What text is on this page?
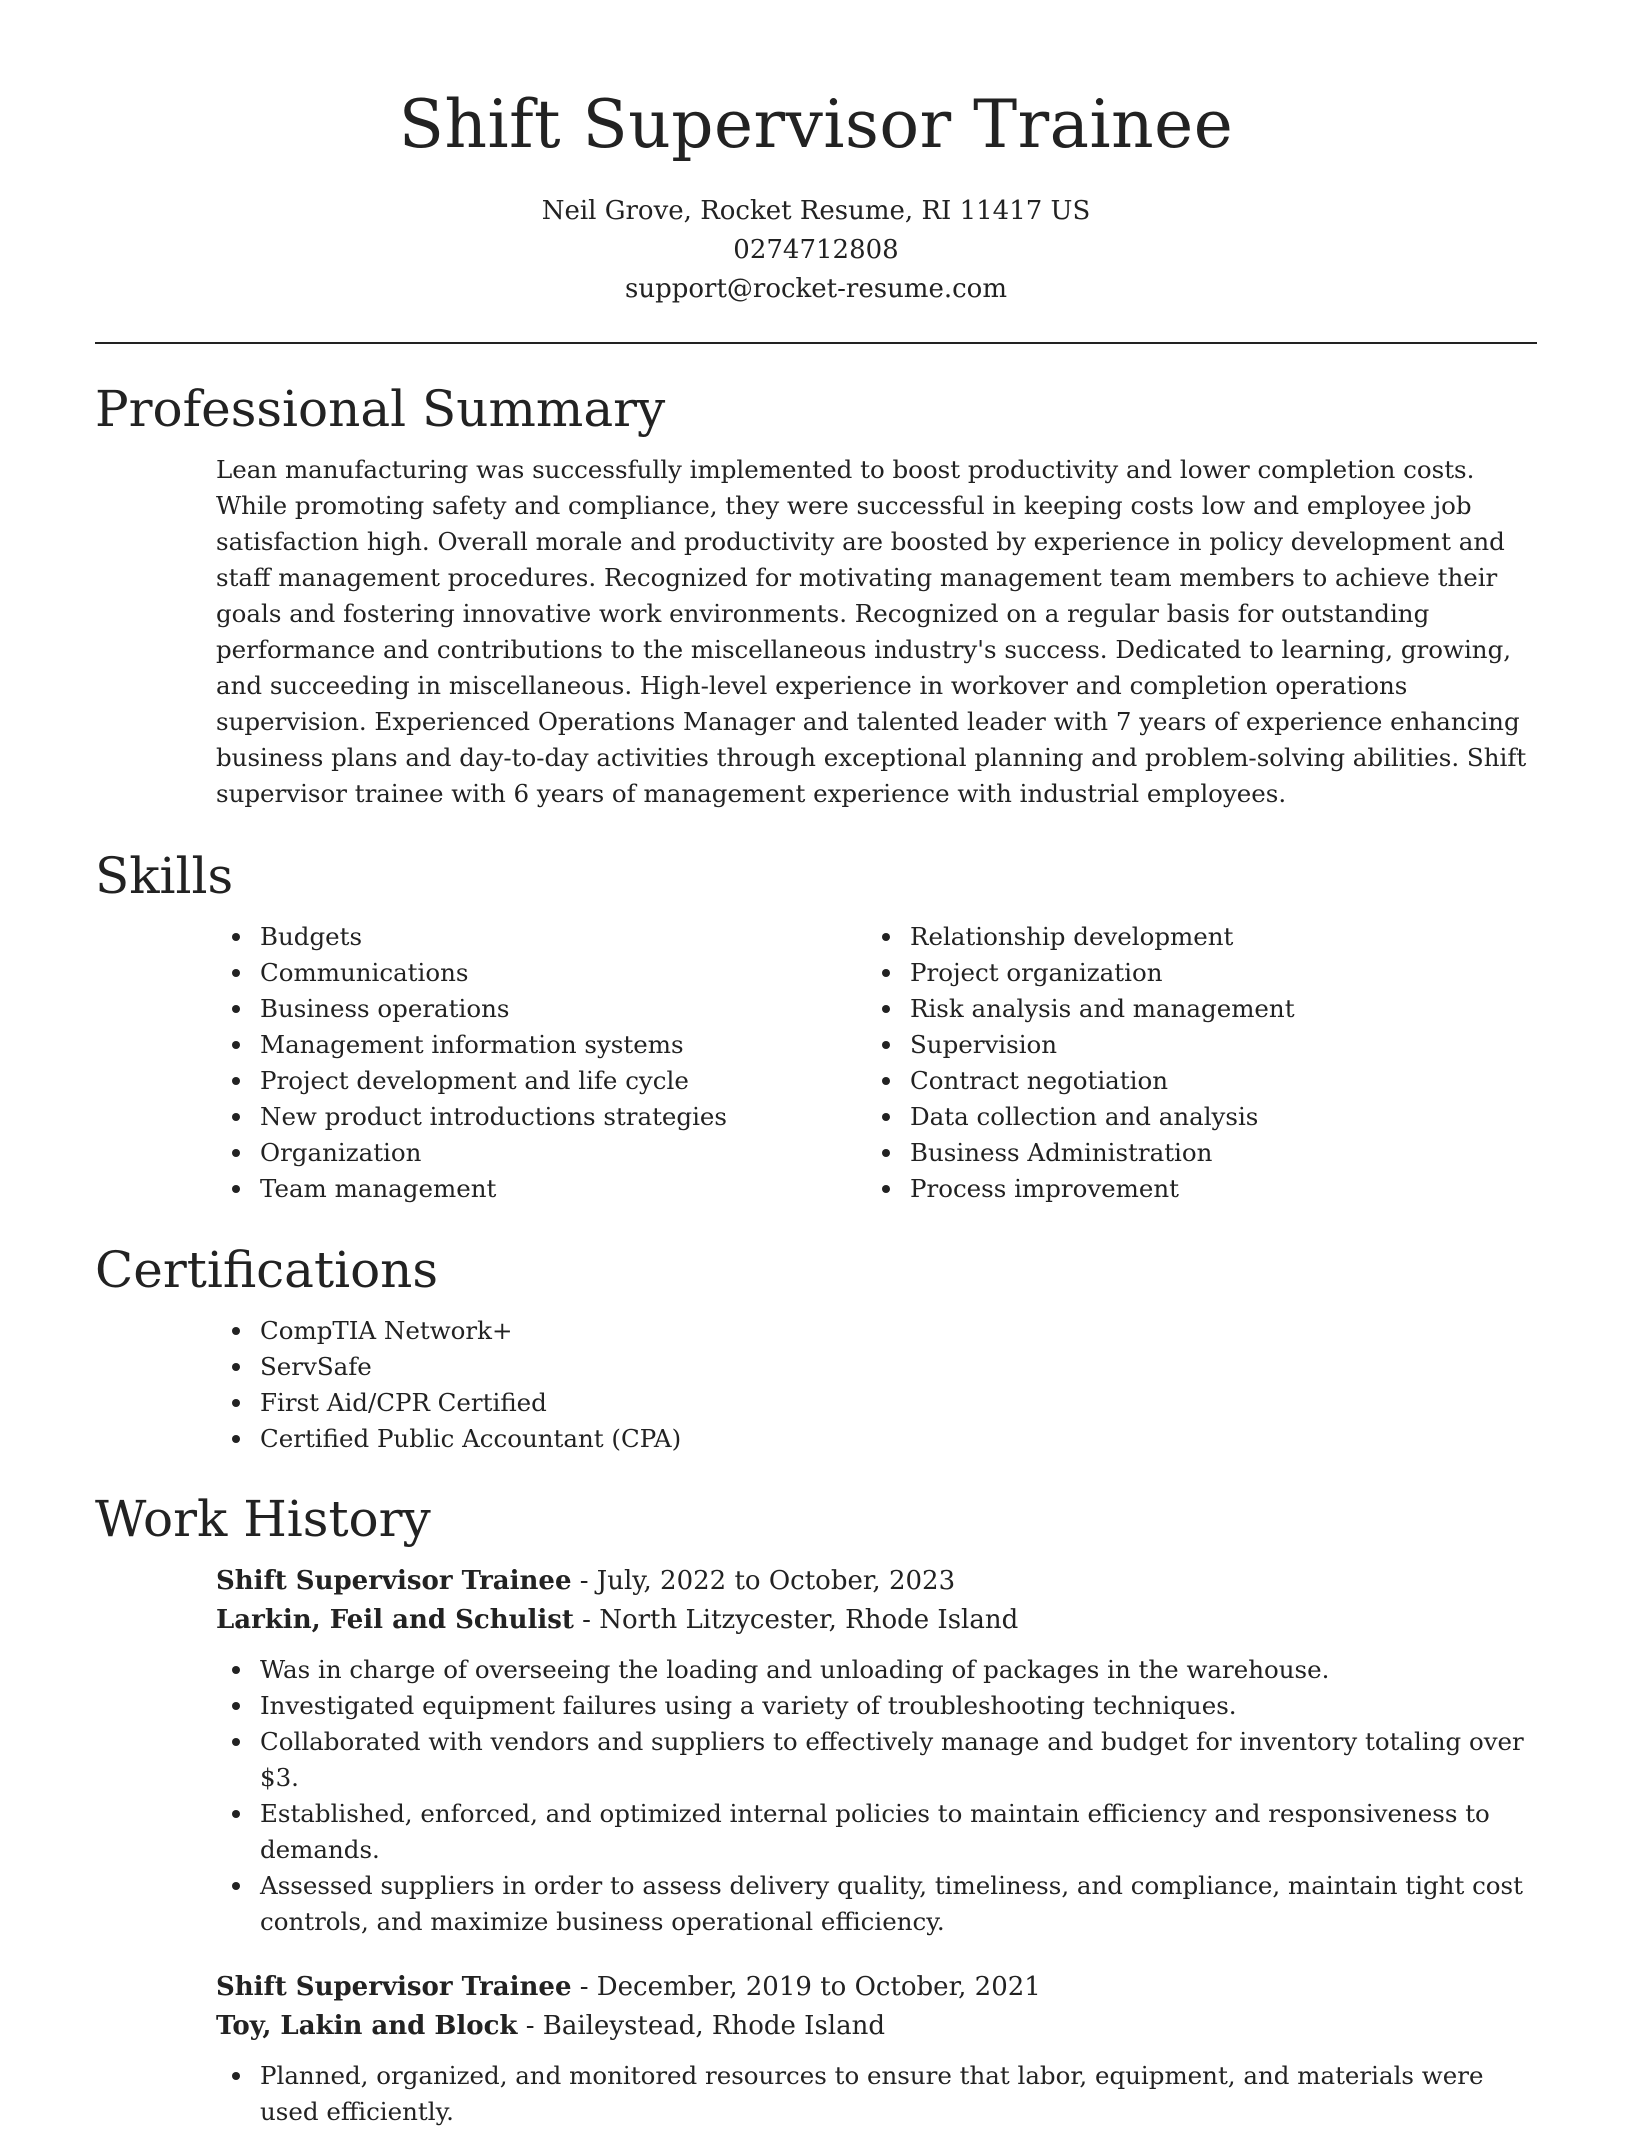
Shift Supervisor Trainee
Neil Grove, Rocket Resume, RI 11417 US
0274712808
support@rocket-resume.com
Professional Summary

Lean manufacturing was successfully implemented to boost productivity and lower completion costs. While promoting safety and compliance, they were successful in keeping costs low and employee job satisfaction high. Overall morale and productivity are boosted by experience in policy development and staff management procedures. Recognized for motivating management team members to achieve their goals and fostering innovative work environments. Recognized on a regular basis for outstanding performance and contributions to the miscellaneous industry's success. Dedicated to learning, growing, and succeeding in miscellaneous. High-level experience in workover and completion operations supervision. Experienced Operations Manager and talented leader with 7 years of experience enhancing business plans and day-to-day activities through exceptional planning and problem-solving abilities. Shift supervisor trainee with 6 years of management experience with industrial employees.

Skills
Budgets
Communications
Business operations
Management information systems
Project development and life cycle
New product introductions strategies
Organization
Team management
Relationship development
Project organization
Risk analysis and management
Supervision
Contract negotiation
Data collection and analysis
Business Administration
Process improvement
Certifications
CompTIA Network+
ServSafe
First Aid/CPR Certified
Certified Public Accountant (CPA)
Work History
Shift Supervisor Trainee - July, 2022 to October, 2023
Larkin, Feil and Schulist - North Litzycester, Rhode Island
Was in charge of overseeing the loading and unloading of packages in the warehouse.
Investigated equipment failures using a variety of troubleshooting techniques.
Collaborated with vendors and suppliers to effectively manage and budget for inventory totaling over $3.
Established, enforced, and optimized internal policies to maintain efficiency and responsiveness to demands.
Assessed suppliers in order to assess delivery quality, timeliness, and compliance, maintain tight cost controls, and maximize business operational efficiency.
Shift Supervisor Trainee - December, 2019 to October, 2021
Toy, Lakin and Block - Baileystead, Rhode Island
Planned, organized, and monitored resources to ensure that labor, equipment, and materials were used efficiently.
